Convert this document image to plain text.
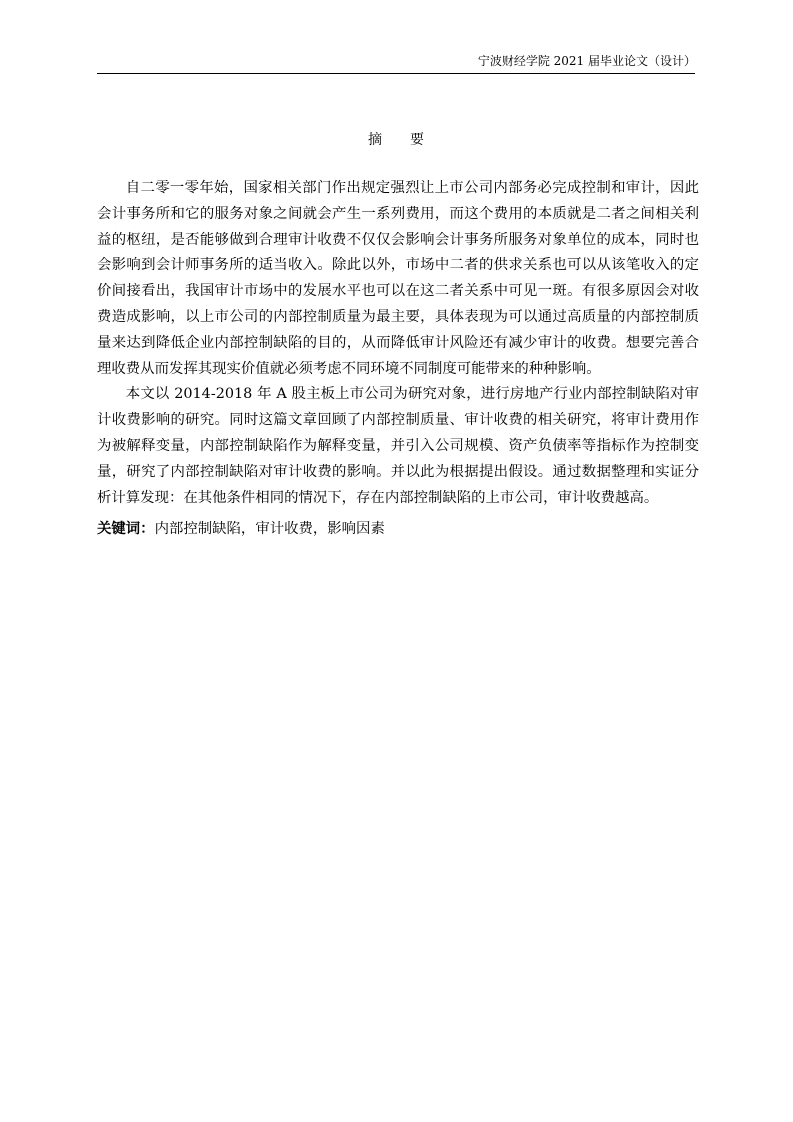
宁波财经学院 2021 届毕业论文（设计）
摘要

自二零一零年始，国家相关部门作出规定强烈让上市公司内部务必完成控制和审计，因此会计事务所和它的服务对象之间就会产生一系列费用，而这个费用的本质就是二者之间相关利益的枢纽，是否能够做到合理审计收费不仅仅会影响会计事务所服务对象单位的成本，同时也会影响到会计师事务所的适当收入。除此以外，市场中二者的供求关系也可以从该笔收入的定价间接看出，我国审计市场中的发展水平也可以在这二者关系中可见一斑。有很多原因会对收费造成影响，以上市公司的内部控制质量为最主要，具体表现为可以通过高质量的内部控制质量来达到降低企业内部控制缺陷的目的，从而降低审计风险还有减少审计的收费。想要完善合理收费从而发挥其现实价值就必须考虑不同环境不同制度可能带来的种种影响。

本文以 2014-2018 年 A 股主板上市公司为研究对象，进行房地产行业内部控制缺陷对审计收费影响的研究。同时这篇文章回顾了内部控制质量、审计收费的相关研究，将审计费用作为被解释变量，内部控制缺陷作为解释变量，并引入公司规模、资产负债率等指标作为控制变量，研究了内部控制缺陷对审计收费的影响。并以此为根据提出假设。通过数据整理和实证分析计算发现：在其他条件相同的情况下，存在内部控制缺陷的上市公司，审计收费越高。

关键词：内部控制缺陷，审计收费，影响因素
